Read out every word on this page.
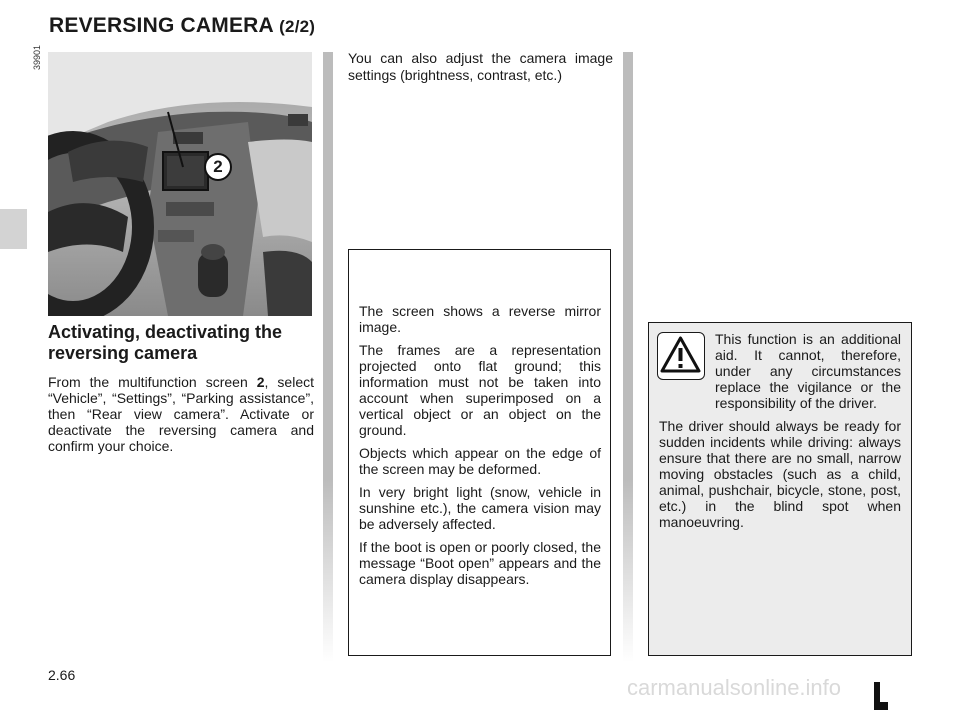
REVERSING CAMERA (2/2)
39901
2
Activating, deactivating the reversing camera

From the multifunction screen 2, select “Vehicle”, “Settings”, “Parking assistance”, then “Rear view camera”. Activate or deactivate the reversing camera and confirm your choice.

You can also adjust the camera image settings (brightness, contrast, etc.)

The screen shows a reverse mirror image.

The frames are a representation projected onto flat ground; this information must not be taken into account when superimposed on a vertical object or an object on the ground.

Objects which appear on the edge of the screen may be deformed.

In very bright light (snow, vehicle in sunshine etc.), the camera vision may be adversely affected.

If the boot is open or poorly closed, the message “Boot open” appears and the camera display disappears.

This function is an additional aid. It cannot, therefore, under any circumstances replace the vigilance or the responsibility of the driver.

The driver should always be ready for sudden incidents while driving: always ensure that there are no small, narrow moving obstacles (such as a child, animal, pushchair, bicycle, stone, post, etc.) in the blind spot when manoeuvring.

2.66	carmanualsonline.info
